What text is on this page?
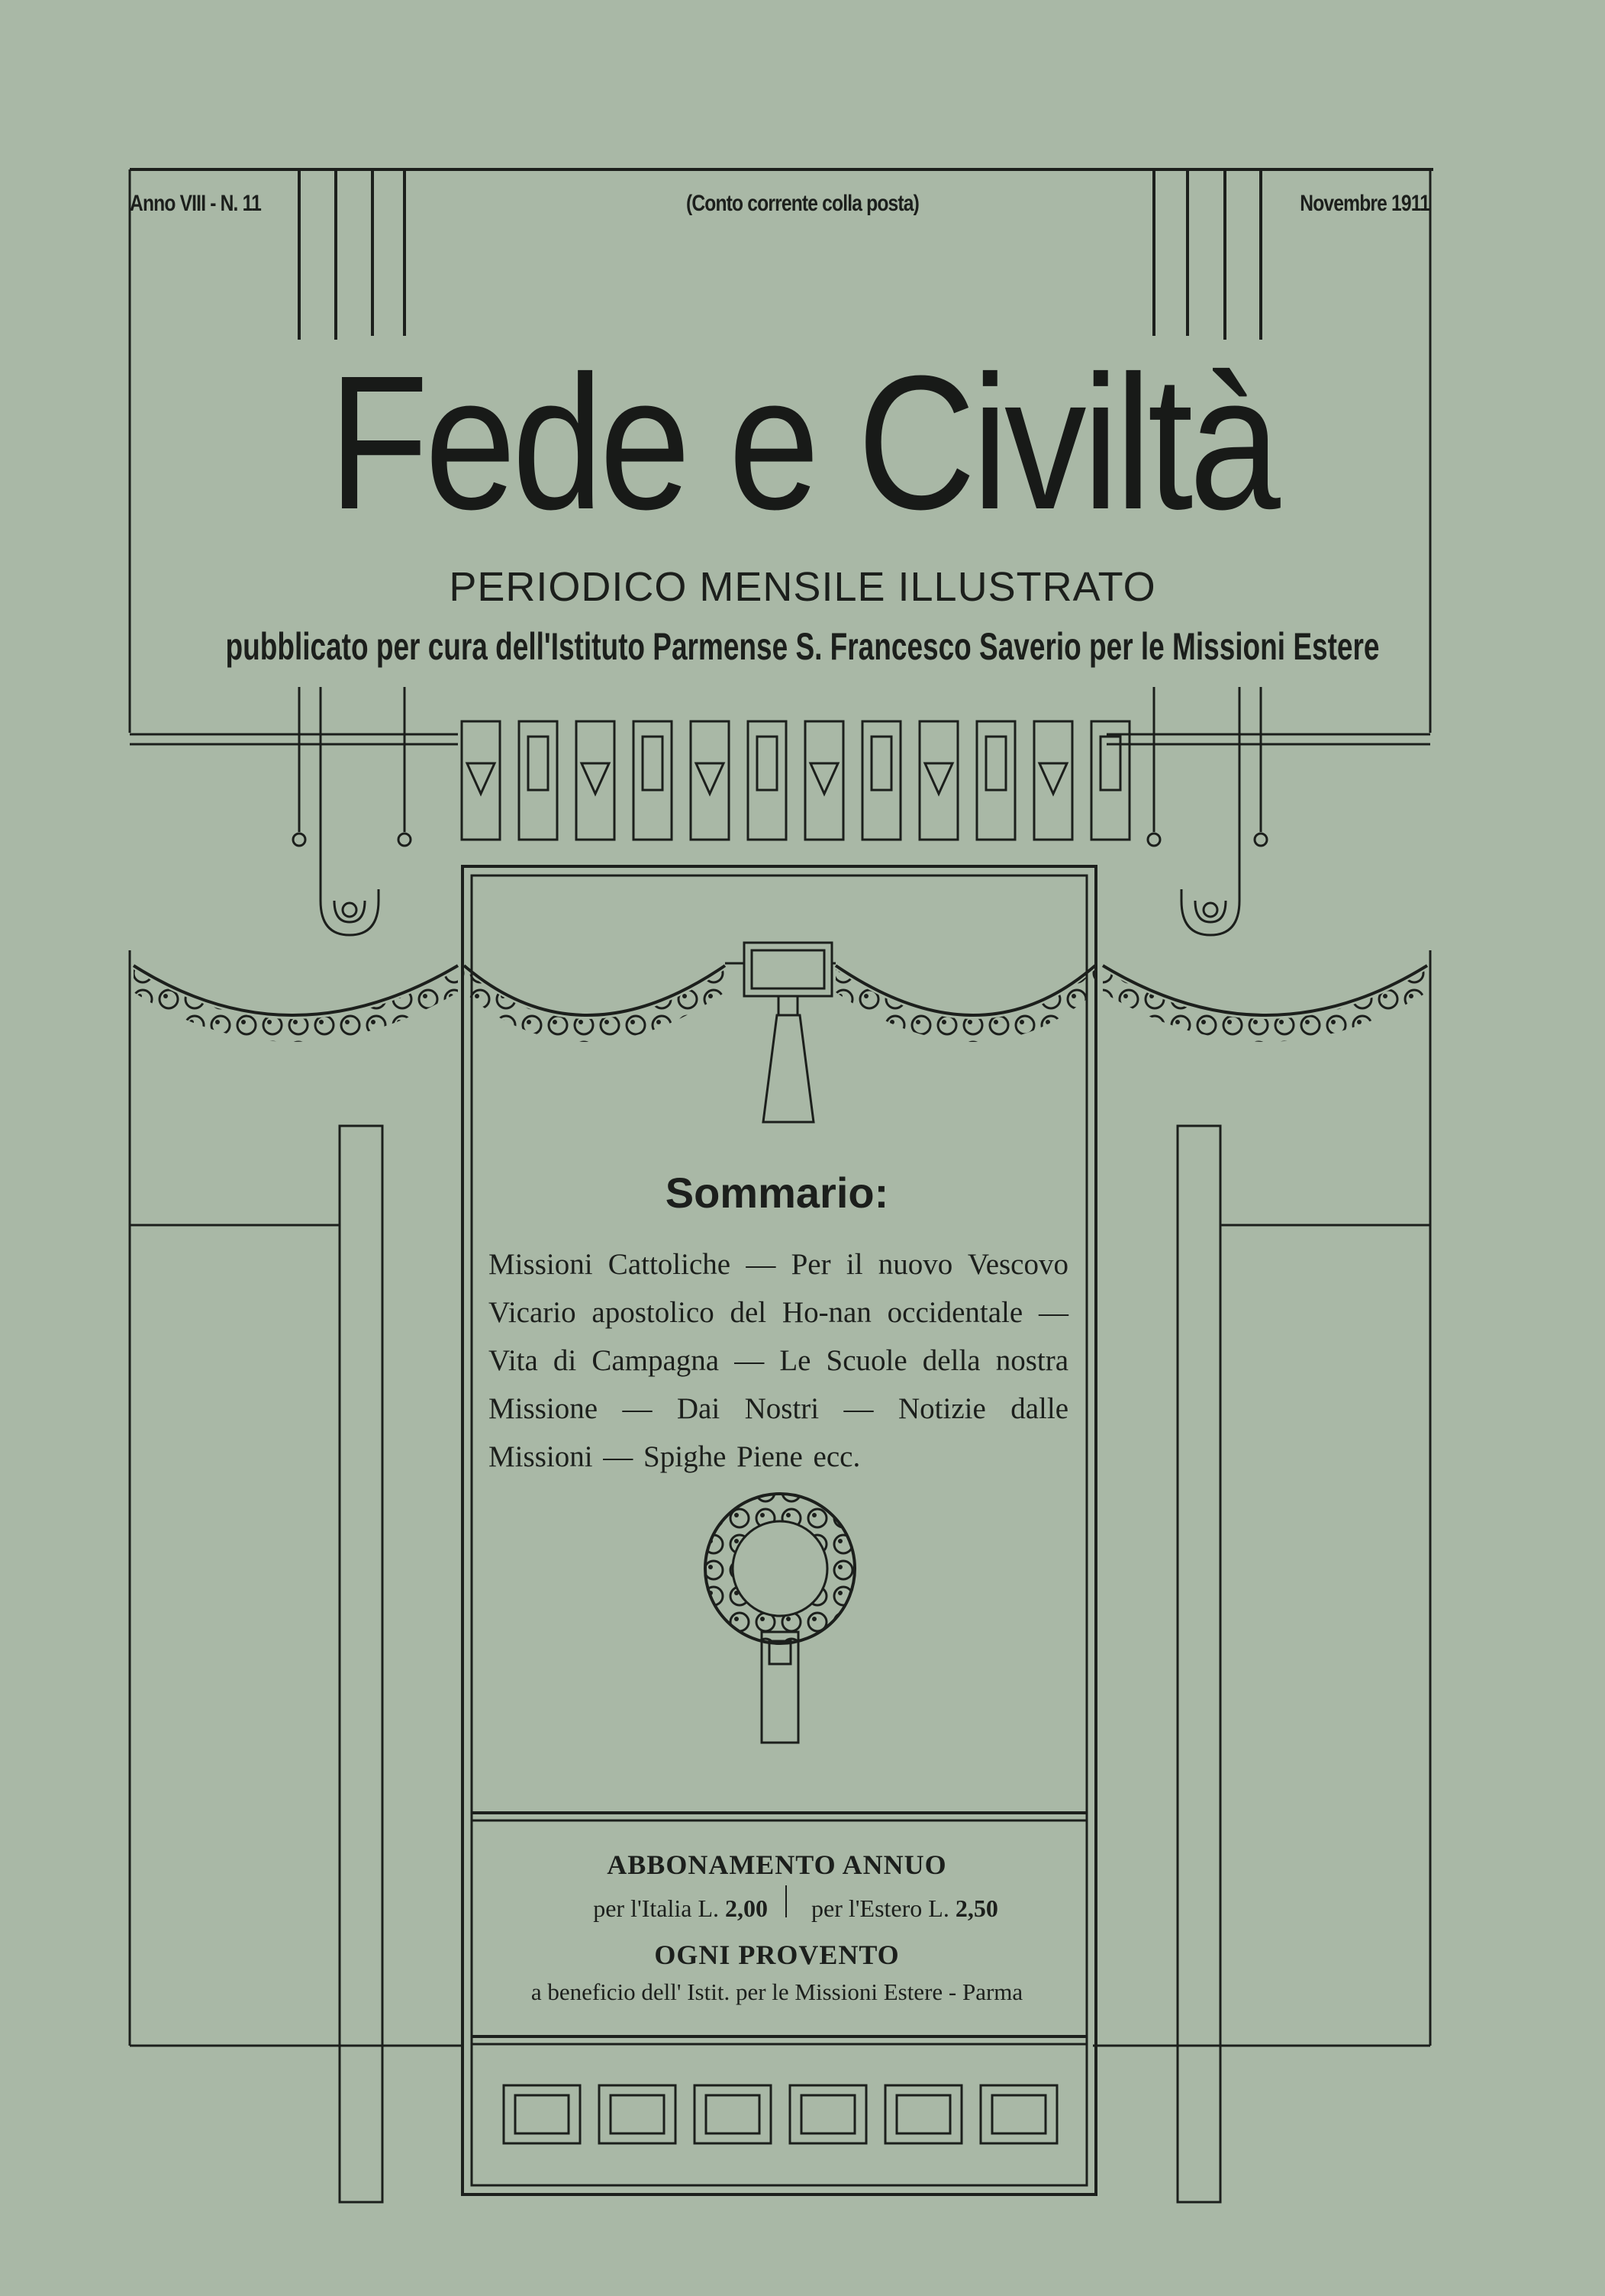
Anno VIII - N. 11	(Conto corrente colla posta)	Novembre 1911
Fede e Civiltà
PERIODICO MENSILE ILLUSTRATO
pubblicato per cura dell'Istituto Parmense S. Francesco Saverio per le Missioni Estere
Sommario:
Missioni Cattoliche — Per il nuovo Vescovo Vicario apostolico del Ho-nan occidentale — Vita di Campagna — Le Scuole della nostra Missione — Dai Nostri — Notizie dalle Missioni — Spighe Piene ecc.
ABBONAMENTO ANNUO
per l'Italia L. 2,00 per l'Estero L. 2,50
OGNI PROVENTO
a beneficio dell' Istit. per le Missioni Estere - Parma
